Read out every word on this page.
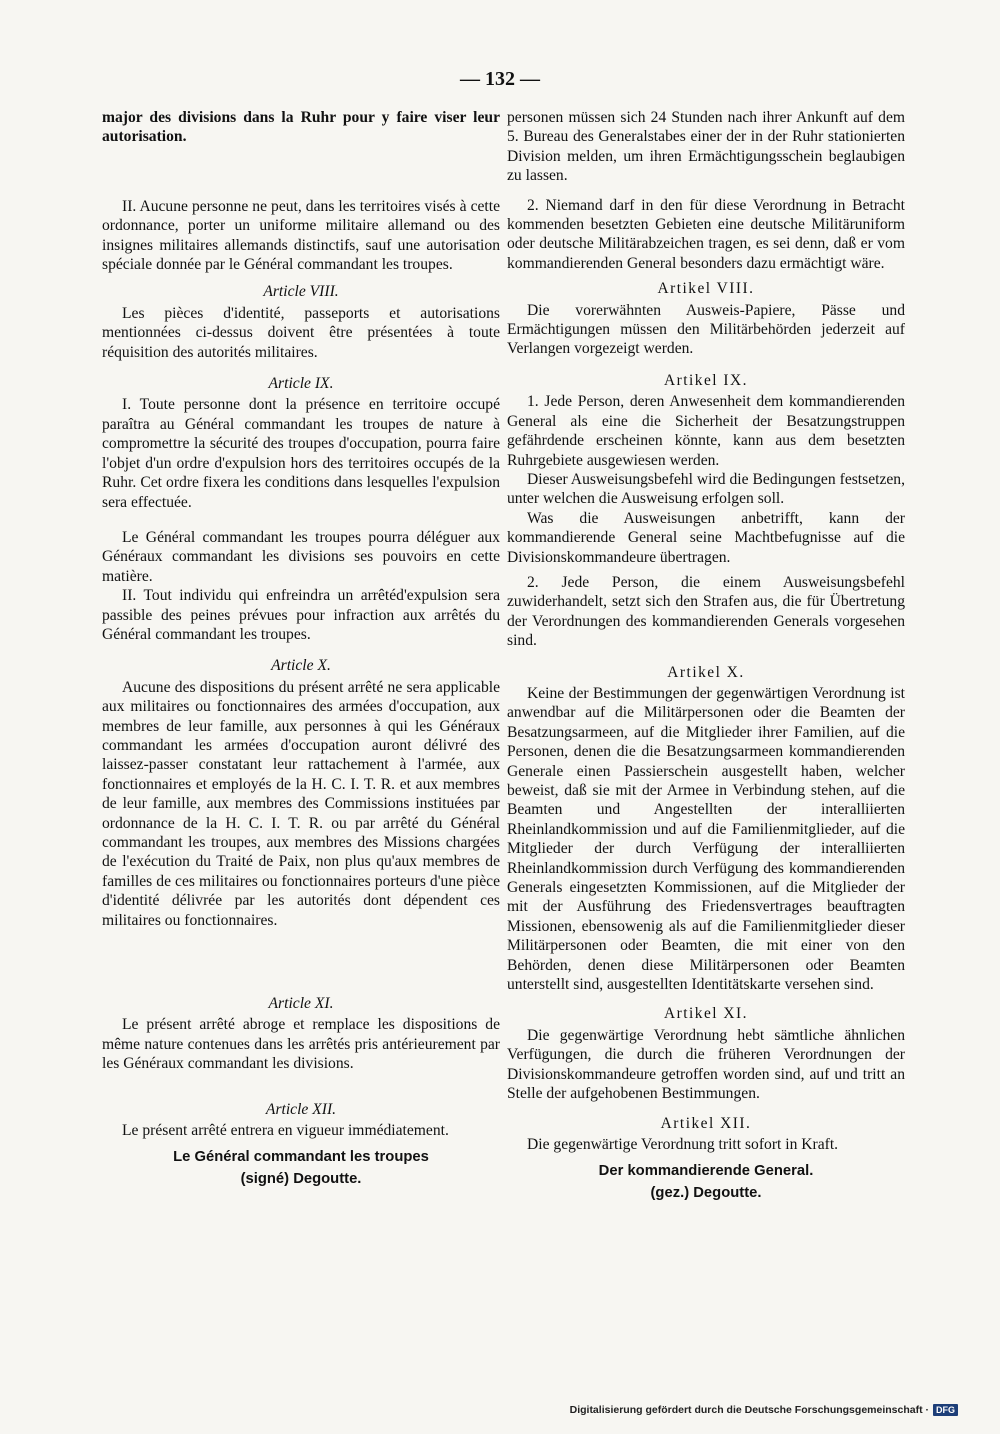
— 132 —

major des divisions dans la Ruhr pour y faire viser leur autorisation.

II. Aucune personne ne peut, dans les territoires visés à cette ordonnance, porter un uniforme militaire allemand ou des insignes militaires allemands distinctifs, sauf une autorisation spéciale donnée par le Général commandant les troupes.

Article VIII.

Les pièces d'identité, passeports et autorisations mentionnées ci-dessus doivent être présentées à toute réquisition des autorités militaires.

Article IX.

I. Toute personne dont la présence en territoire occupé paraîtra au Général commandant les troupes de nature à compromettre la sécurité des troupes d'occupation, pourra faire l'objet d'un ordre d'expulsion hors des territoires occupés de la Ruhr. Cet ordre fixera les conditions dans lesquelles l'expulsion sera effectuée.

Le Général commandant les troupes pourra déléguer aux Généraux commandant les divisions ses pouvoirs en cette matière.

II. Tout individu qui enfreindra un arrêtéd'expulsion sera passible des peines prévues pour infraction aux arrêtés du Général commandant les troupes.

Article X.

Aucune des dispositions du présent arrêté ne sera applicable aux militaires ou fonctionnaires des armées d'occupation, aux membres de leur famille, aux personnes à qui les Généraux commandant les armées d'occupation auront délivré des laissez-passer constatant leur rattachement à l'armée, aux fonctionnaires et employés de la H. C. I. T. R. et aux membres de leur famille, aux membres des Commissions instituées par ordonnance de la H. C. I. T. R. ou par arrêté du Général commandant les troupes, aux membres des Missions chargées de l'exécution du Traité de Paix, non plus qu'aux membres de familles de ces militaires ou fonctionnaires porteurs d'une pièce d'identité délivrée par les autorités dont dépendent ces militaires ou fonctionnaires.

Article XI.

Le présent arrêté abroge et remplace les dispositions de même nature contenues dans les arrêtés pris antérieurement par les Généraux commandant les divisions.

Article XII.

Le présent arrêté entrera en vigueur immédiatement.

Le Général commandant les troupes
(signé) Degoutte.

personen müssen sich 24 Stunden nach ihrer Ankunft auf dem 5. Bureau des Generalstabes einer der in der Ruhr stationierten Division melden, um ihren Ermächtigungsschein beglaubigen zu lassen.

2. Niemand darf in den für diese Verordnung in Betracht kommenden besetzten Gebieten eine deutsche Militäruniform oder deutsche Militärabzeichen tragen, es sei denn, daß er vom kommandierenden General besonders dazu ermächtigt wäre.

Artikel VIII.

Die vorerwähnten Ausweis-Papiere, Pässe und Ermächtigungen müssen den Militärbehörden jederzeit auf Verlangen vorgezeigt werden.

Artikel IX.

1. Jede Person, deren Anwesenheit dem kommandierenden General als eine die Sicherheit der Besatzungstruppen gefährdende erscheinen könnte, kann aus dem besetzten Ruhrgebiete ausgewiesen werden.

Dieser Ausweisungsbefehl wird die Bedingungen festsetzen, unter welchen die Ausweisung erfolgen soll.

Was die Ausweisungen anbetrifft, kann der kommandierende General seine Machtbefugnisse auf die Divisionskommandeure übertragen.

2. Jede Person, die einem Ausweisungsbefehl zuwiderhandelt, setzt sich den Strafen aus, die für Übertretung der Verordnungen des kommandierenden Generals vorgesehen sind.

Artikel X.

Keine der Bestimmungen der gegenwärtigen Verordnung ist anwendbar auf die Militärpersonen oder die Beamten der Besatzungsarmeen, auf die Mitglieder ihrer Familien, auf die Personen, denen die die Besatzungsarmeen kommandierenden Generale einen Passierschein ausgestellt haben, welcher beweist, daß sie mit der Armee in Verbindung stehen, auf die Beamten und Angestellten der interalliierten Rheinlandkommission und auf die Familienmitglieder, auf die Mitglieder der durch Verfügung der interalliierten Rheinlandkommission durch Verfügung des kommandierenden Generals eingesetzten Kommissionen, auf die Mitglieder der mit der Ausführung des Friedensvertrages beauftragten Missionen, ebensowenig als auf die Familienmitglieder dieser Militärpersonen oder Beamten, die mit einer von den Behörden, denen diese Militärpersonen oder Beamten unterstellt sind, ausgestellten Identitätskarte versehen sind.

Artikel XI.

Die gegenwärtige Verordnung hebt sämtliche ähnlichen Verfügungen, die durch die früheren Verordnungen der Divisionskommandeure getroffen worden sind, auf und tritt an Stelle der aufgehobenen Bestimmungen.

Artikel XII.

Die gegenwärtige Verordnung tritt sofort in Kraft.

Der kommandierende General.
(gez.) Degoutte.
Digitalisierung gefördert durch die Deutsche Forschungsgemeinschaft · DFG
